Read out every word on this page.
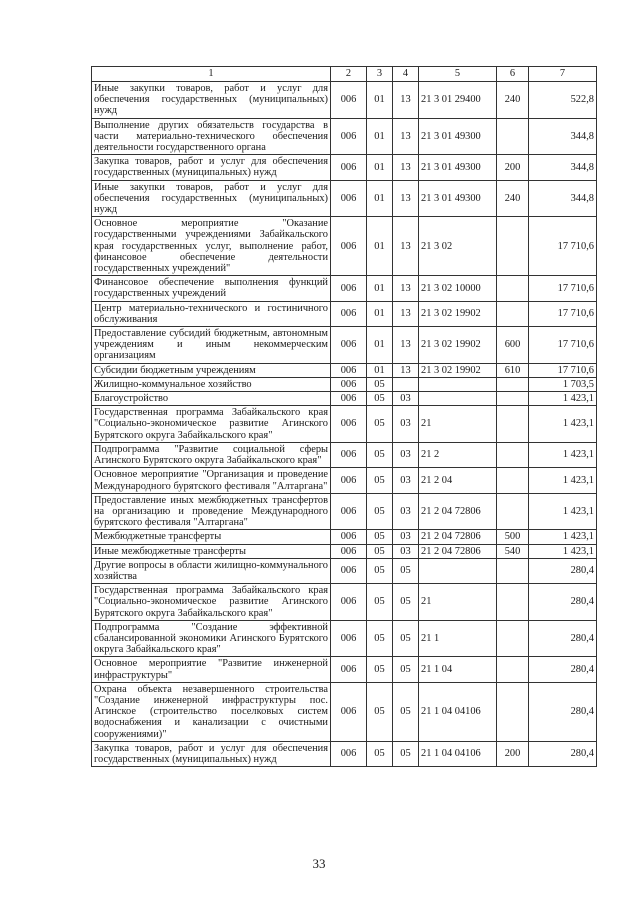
1	2	3	4	5	6	7
Иные закупки товаров, работ и услуг для обеспечения государственных (муниципальных) нужд	006	01	13	21 3 01 29400	240	522,8
Выполнение других обязательств государства в части материально-технического обеспечения деятельности государственного органа	006	01	13	21 3 01 49300		344,8
Закупка товаров, работ и услуг для обеспечения государственных (муниципальных) нужд	006	01	13	21 3 01 49300	200	344,8
Иные закупки товаров, работ и услуг для обеспечения государственных (муниципальных) нужд	006	01	13	21 3 01 49300	240	344,8
Основное мероприятие "Оказание государственными учреждениями Забайкальского края государственных услуг, выполнение работ, финансовое обеспечение деятельности государственных учреждений"	006	01	13	21 3 02		17 710,6
Финансовое обеспечение выполнения функций государственных учреждений	006	01	13	21 3 02 10000		17 710,6
Центр материально-технического и гостиничного обслуживания	006	01	13	21 3 02 19902		17 710,6
Предоставление субсидий бюджетным, автономным учреждениям и иным некоммерческим организациям	006	01	13	21 3 02 19902	600	17 710,6
Субсидии бюджетным учреждениям	006	01	13	21 3 02 19902	610	17 710,6
Жилищно-коммунальное хозяйство	006	05				1 703,5
Благоустройство	006	05	03			1 423,1
Государственная программа Забайкальского края "Социально-экономическое развитие Агинского Бурятского округа Забайкальского края"	006	05	03	21		1 423,1
Подпрограмма "Развитие социальной сферы Агинского Бурятского округа Забайкальского края"	006	05	03	21 2		1 423,1
Основное мероприятие "Организация и проведение Международного бурятского фестиваля "Алтаргана"	006	05	03	21 2 04		1 423,1
Предоставление иных межбюджетных трансфертов на организацию и проведение Международного бурятского фестиваля "Алтаргана"	006	05	03	21 2 04 72806		1 423,1
Межбюджетные трансферты	006	05	03	21 2 04 72806	500	1 423,1
Иные межбюджетные трансферты	006	05	03	21 2 04 72806	540	1 423,1
Другие вопросы в области жилищно-коммунального хозяйства	006	05	05			280,4
Государственная программа Забайкальского края "Социально-экономическое развитие Агинского Бурятского округа Забайкальского края"	006	05	05	21		280,4
Подпрограмма "Создание эффективной сбалансированной экономики Агинского Бурятского округа Забайкальского края"	006	05	05	21 1		280,4
Основное мероприятие "Развитие инженерной инфраструктуры"	006	05	05	21 1 04		280,4
Охрана объекта незавершенного строительства "Создание инженерной инфраструктуры пос. Агинское (строительство поселковых систем водоснабжения и канализации с очистными сооружениями)"	006	05	05	21 1 04 04106		280,4
Закупка товаров, работ и услуг для обеспечения государственных (муниципальных) нужд	006	05	05	21 1 04 04106	200	280,4
33
